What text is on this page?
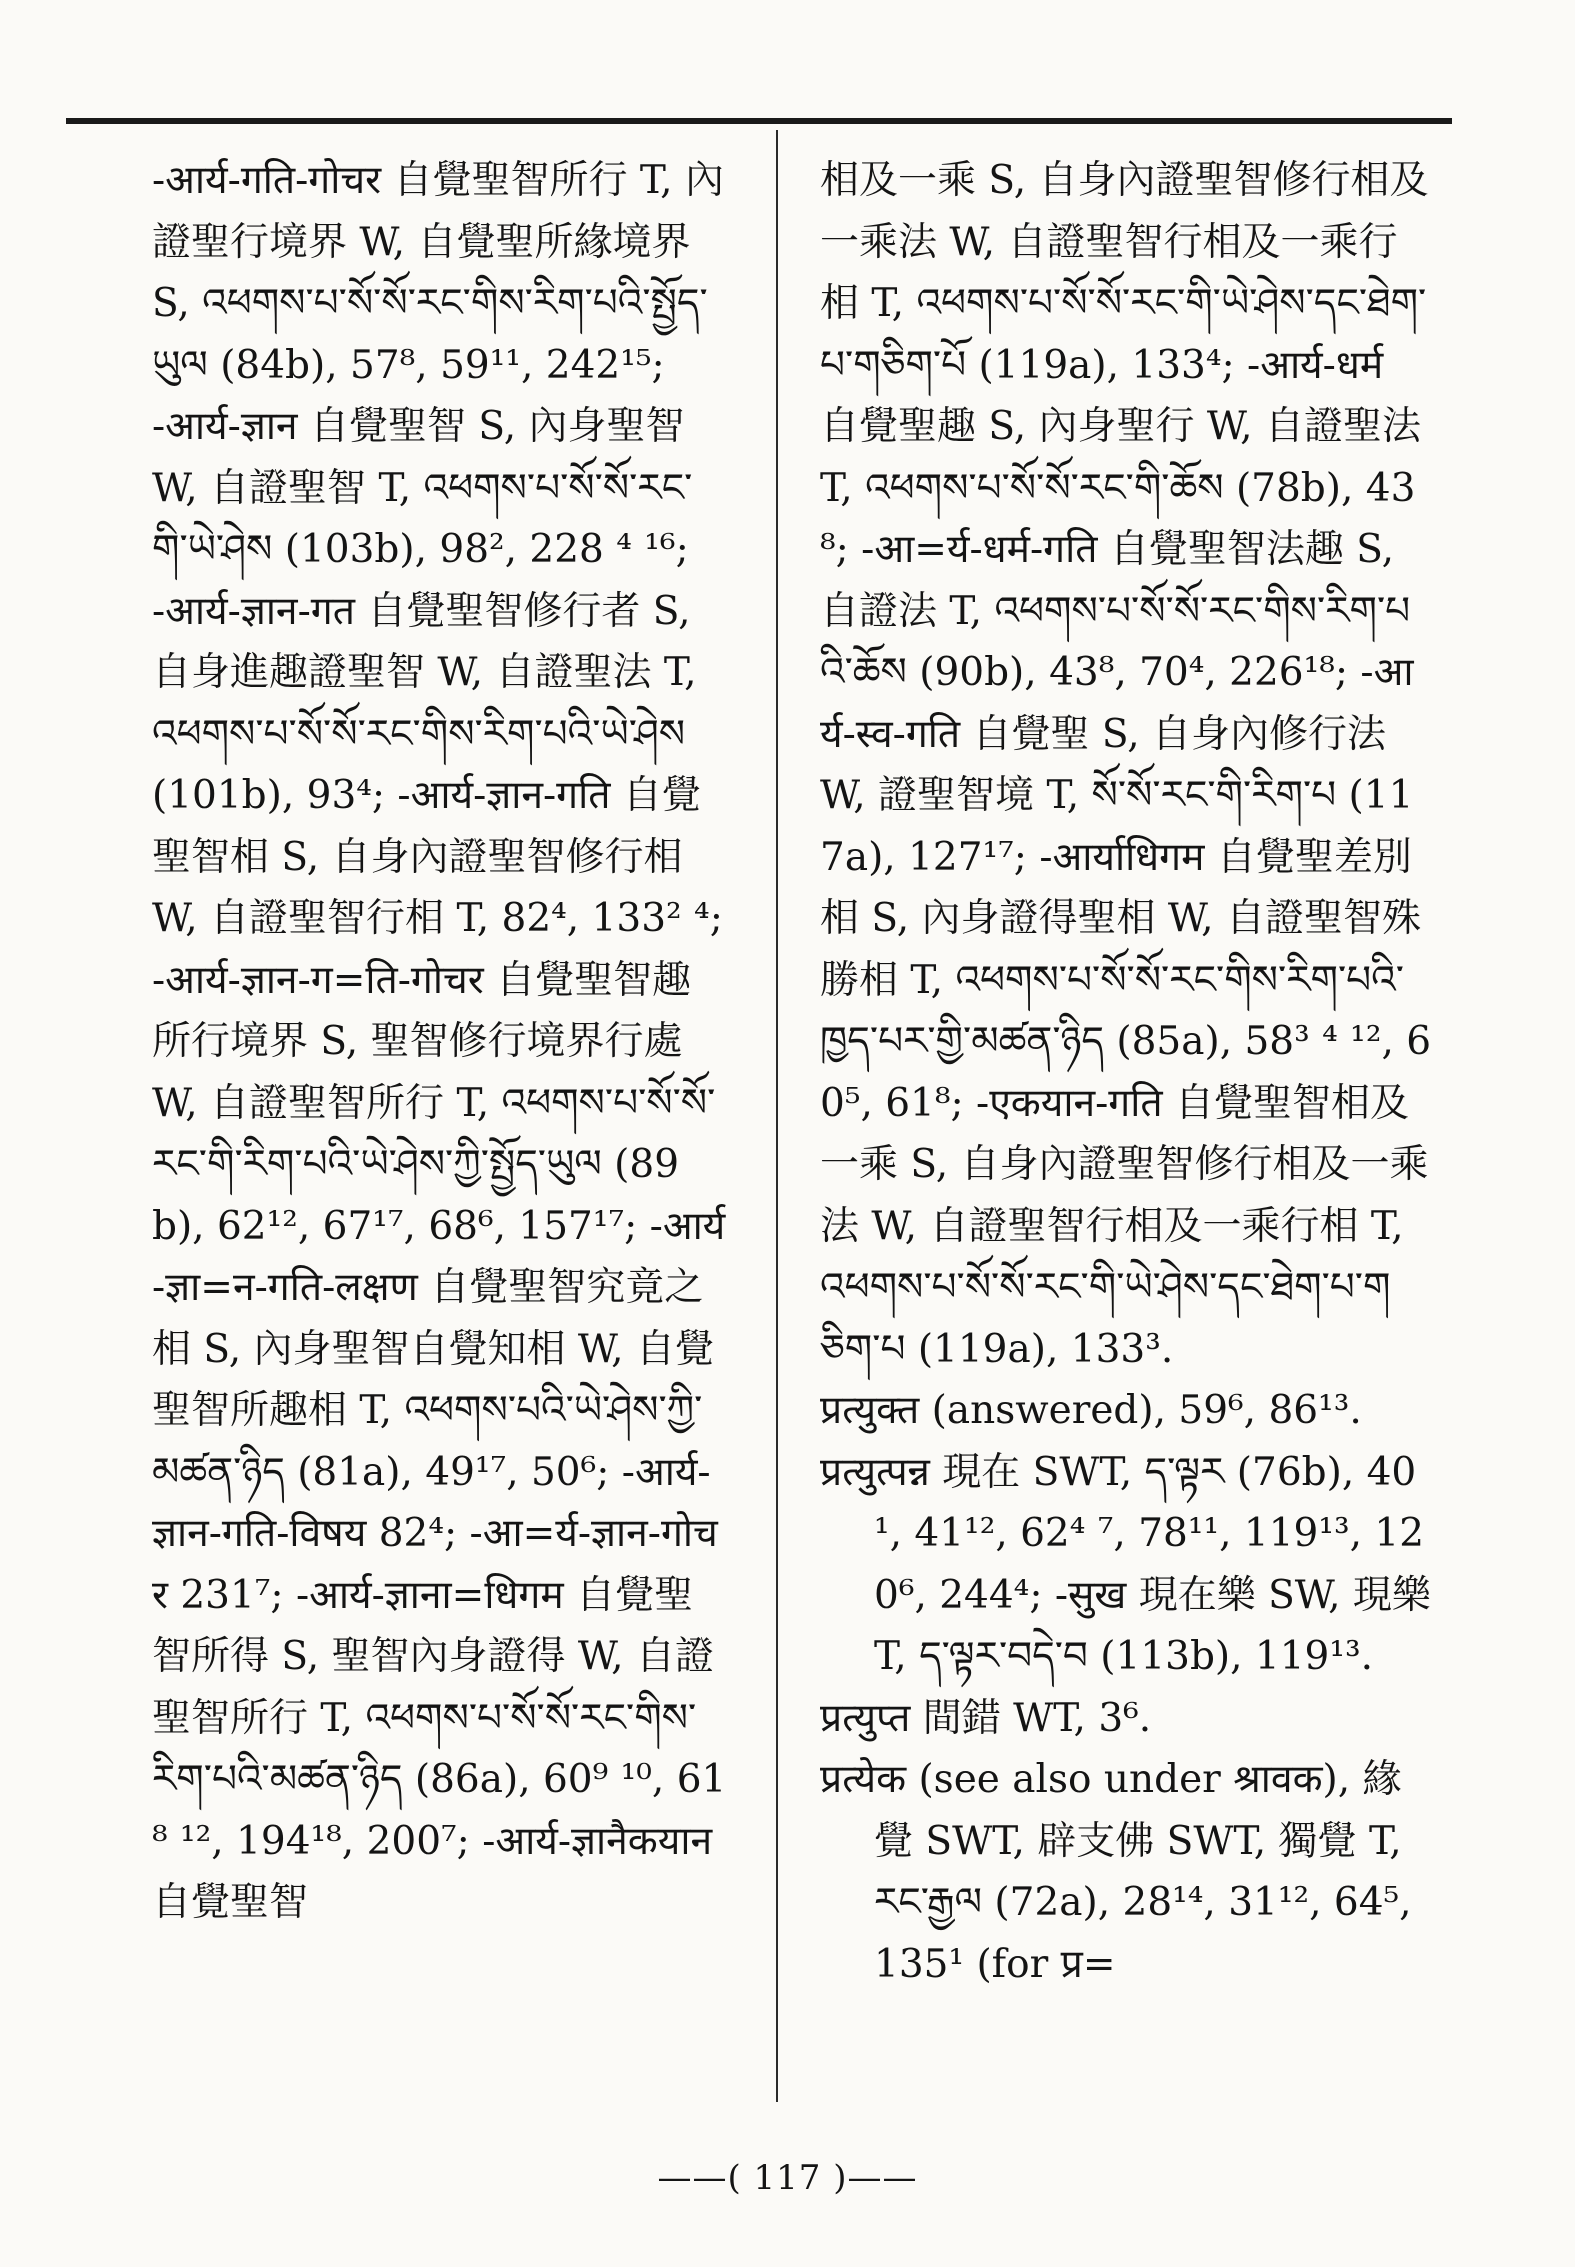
-आर्य-गति-गोचर 自覺聖智所行 T, 內證聖行境界 W, 自覺聖所緣境界 S, འཕགས་པ་སོ་སོ་རང་གིས་རིག་པའི་སྤྱོད་ཡུལ (84b), 57⁸, 59¹¹, 242¹⁵; -आर्य-ज्ञान 自覺聖智 S, 內身聖智 W, 自證聖智 T, འཕགས་པ་སོ་སོ་རང་གི་ཡེ་ཤེས (103b), 98², 228 ⁴ ¹⁶; -आर्य-ज्ञान-गत 自覺聖智修行者 S, 自身進趣證聖智 W, 自證聖法 T, འཕགས་པ་སོ་སོ་རང་གིས་རིག་པའི་ཡེ་ཤེས (101b), 93⁴; -आर्य-ज्ञान-गति 自覺聖智相 S, 自身內證聖智修行相 W, 自證聖智行相 T, 82⁴, 133² ⁴; -आर्य-ज्ञान-ग=ति-गोचर 自覺聖智趣所行境界 S, 聖智修行境界行處 W, 自證聖智所行 T, འཕགས་པ་སོ་སོ་རང་གི་རིག་པའི་ཡེ་ཤེས་ཀྱི་སྤྱོད་ཡུལ (89b), 62¹², 67¹⁷, 68⁶, 157¹⁷; -आर्य-ज्ञा=न-गति-लक्षण 自覺聖智究竟之相 S, 內身聖智自覺知相 W, 自覺聖智所趣相 T, འཕགས་པའི་ཡེ་ཤེས་ཀྱི་མཚན་ཉིད (81a), 49¹⁷, 50⁶; -आर्य-ज्ञान-गति-विषय 82⁴; -आ=र्य-ज्ञान-गोचर 231⁷; -आर्य-ज्ञाना=धिगम 自覺聖智所得 S, 聖智內身證得 W, 自證聖智所行 T, འཕགས་པ་སོ་སོ་རང་གིས་རིག་པའི་མཚན་ཉིད (86a), 60⁹ ¹⁰, 61⁸ ¹², 194¹⁸, 200⁷; -आर्य-ज्ञानैकयान 自覺聖智

相及一乘 S, 自身內證聖智修行相及一乘法 W, 自證聖智行相及一乘行相 T, འཕགས་པ་སོ་སོ་རང་གི་ཡེ་ཤེས་དང་ཐེག་པ་གཅིག་པོ (119a), 133⁴; -आर्य-धर्म 自覺聖趣 S, 內身聖行 W, 自證聖法 T, འཕགས་པ་སོ་སོ་རང་གི་ཆོས (78b), 43⁸; -आ=र्य-धर्म-गति 自覺聖智法趣 S, 自證法 T, འཕགས་པ་སོ་སོ་རང་གིས་རིག་པའི་ཆོས (90b), 43⁸, 70⁴, 226¹⁸; -आर्य-स्व-गति 自覺聖 S, 自身內修行法 W, 證聖智境 T, སོ་སོ་རང་གི་རིག་པ (117a), 127¹⁷; -आर्याधिगम 自覺聖差別相 S, 內身證得聖相 W, 自證聖智殊勝相 T, འཕགས་པ་སོ་སོ་རང་གིས་རིག་པའི་ཁྱད་པར་གྱི་མཚན་ཉིད (85a), 58³ ⁴ ¹², 60⁵, 61⁸; -एकयान-गति 自覺聖智相及一乘 S, 自身內證聖智修行相及一乘法 W, 自證聖智行相及一乘行相 T, འཕགས་པ་སོ་སོ་རང་གི་ཡེ་ཤེས་དང་ཐེག་པ་གཅིག་པ (119a), 133³.

प्रत्युक्त (answered), 59⁶, 86¹³.

प्रत्युत्पन्न 現在 SWT, ད་ལྟར (76b), 40¹, 41¹², 62⁴ ⁷, 78¹¹, 119¹³, 120⁶, 244⁴; -सुख 現在樂 SW, 現樂 T, ད་ལྟར་བདེ་བ (113b), 119¹³.

प्रत्युप्त 間錯 WT, 3⁶.

प्रत्येक (see also under श्रावक), 緣覺 SWT, 辟支佛 SWT, 獨覺 T, རང་རྒྱལ (72a), 28¹⁴, 31¹², 64⁵, 135¹ (for प्र=

——( 117 )——
